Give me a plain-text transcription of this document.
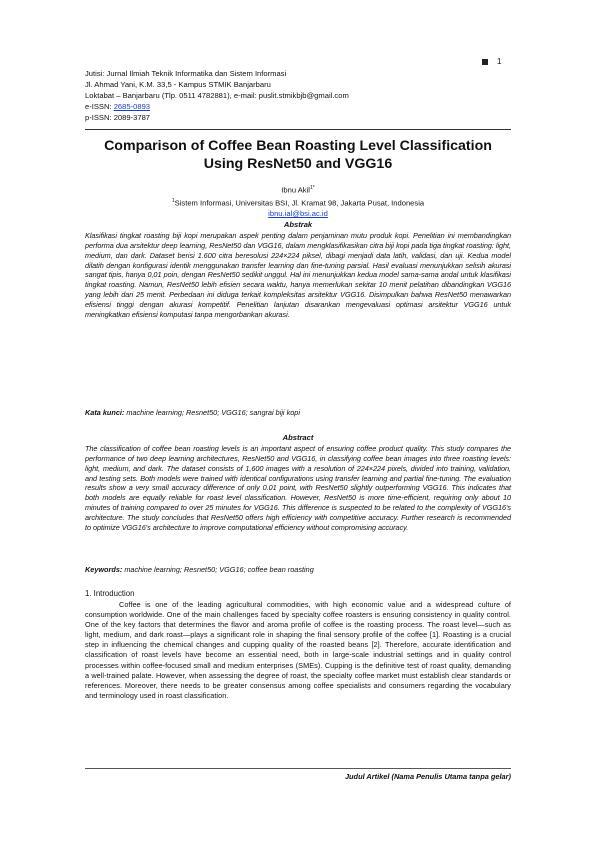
1
Jutisi: Jurnal Ilmiah Teknik Informatika dan Sistem Informasi
Jl. Ahmad Yani, K.M. 33,5 - Kampus STMIK Banjarbaru
Loktabat – Banjarbaru (Tlp. 0511 4782881), e-mail: puslit.stmikbjb@gmail.com
e-ISSN: 2685-0893
p-ISSN: 2089-3787
Comparison of Coffee Bean Roasting Level Classification Using ResNet50 and VGG16
Ibnu Akil$^{1*}$
$^1$Sistem Informasi, Universitas BSI, Jl. Kramat 98, Jakarta Pusat, Indonesia
ibnu.ial@bsi.ac.id
Abstrak
Klasifikasi tingkat roasting biji kopi merupakan aspek penting dalam penjaminan mutu produk kopi. Penelitian ini membandingkan performa dua arsitektur deep learning, ResNet50 dan VGG16, dalam mengklasifikasikan citra biji kopi pada tiga tingkat roasting: light, medium, dan dark. Dataset berisi 1.600 citra beresolusi 224×224 piksel, dibagi menjadi data latih, validasi, dan uji. Kedua model dilatih dengan konfigurasi identik menggunakan transfer learning dan fine-tuning parsial. Hasil evaluasi menunjukkan selisih akurasi sangat tipis, hanya 0,01 poin, dengan ResNet50 sedikit unggul. Hal ini menunjukkan kedua model sama-sama andal untuk klasifikasi tingkat roasting. Namun, ResNet50 lebih efisien secara waktu, hanya memerlukan sekitar 10 menit pelatihan dibandingkan VGG16 yang lebih dari 25 menit. Perbedaan ini diduga terkait kompleksitas arsitektur VGG16. Disimpulkan bahwa ResNet50 menawarkan efisiensi tinggi dengan akurasi kompetitif. Penelitian lanjutan disarankan mengevaluasi optimasi arsitektur VGG16 untuk meningkatkan efisiensi komputasi tanpa mengorbankan akurasi.
Kata kunci: machine learning; Resnet50; VGG16; sangrai biji kopi
Abstract
The classification of coffee bean roasting levels is an important aspect of ensuring coffee product quality. This study compares the performance of two deep learning architectures, ResNet50 and VGG16, in classifying coffee bean images into three roasting levels: light, medium, and dark. The dataset consists of 1,600 images with a resolution of 224×224 pixels, divided into training, validation, and testing sets. Both models were trained with identical configurations using transfer learning and partial fine-tuning. The evaluation results show a very small accuracy difference of only 0.01 point, with ResNet50 slightly outperforming VGG16. This indicates that both models are equally reliable for roast level classification. However, ResNet50 is more time-efficient, requiring only about 10 minutes of training compared to over 25 minutes for VGG16. This difference is suspected to be related to the complexity of VGG16's architecture. The study concludes that ResNet50 offers high efficiency with competitive accuracy. Further research is recommended to optimize VGG16's architecture to improve computational efficiency without compromising accuracy.
Keywords: machine learning; Resnet50; VGG16; coffee bean roasting
1. Introduction
Coffee is one of the leading agricultural commodities, with high economic value and a widespread culture of consumption worldwide. One of the main challenges faced by specialty coffee roasters is ensuring consistency in quality control. One of the key factors that determines the flavor and aroma profile of coffee is the roasting process. The roast level—such as light, medium, and dark roast—plays a significant role in shaping the final sensory profile of the coffee [1]. Roasting is a crucial step in influencing the chemical changes and cupping quality of the roasted beans [2]. Therefore, accurate identification and classification of roast levels have become an essential need, both in large-scale industrial settings and in quality control processes within coffee-focused small and medium enterprises (SMEs). Cupping is the definitive test of roast quality, demanding a well-trained palate. However, when assessing the degree of roast, the specialty coffee market must establish clear standards or references. Moreover, there needs to be greater consensus among coffee specialists and consumers regarding the vocabulary and terminology used in roast classification.
Judul Artikel (Nama Penulis Utama tanpa gelar)
